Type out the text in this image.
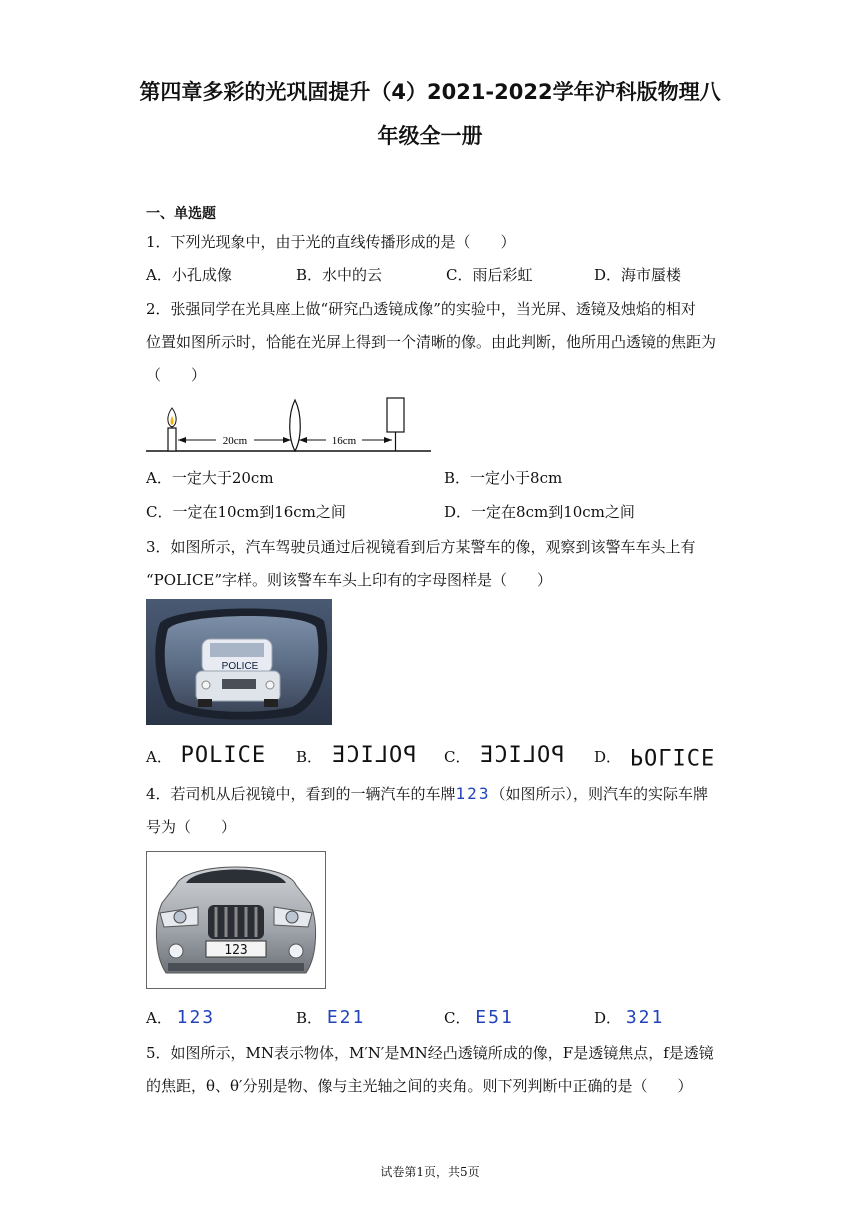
第四章多彩的光巩固提升（4）2021-2022学年沪科版物理八
年级全一册
一、单选题
1．下列光现象中，由于光的直线传播形成的是（　　）
A．小孔成像	B．水中的云	C．雨后彩虹	D．海市蜃楼
2．张强同学在光具座上做“研究凸透镜成像”的实验中，当光屏、透镜及烛焰的相对
位置如图所示时，恰能在光屏上得到一个清晰的像。由此判断，他所用凸透镜的焦距为
（　　）
20cm	16cm
A．一定大于20cm	B．一定小于8cm
C．一定在10cm到16cm之间	D．一定在8cm到10cm之间
3．如图所示，汽车驾驶员通过后视镜看到后方某警车的像，观察到该警车车头上有
“POLICE”字样。则该警车车头上印有的字母图样是（　　）
POLICE
A． POLICE B． POLICE C． POLICE D． POLICE
4．若司机从后视镜中，看到的一辆汽车的车牌123（如图所示），则汽车的实际车牌
号为（　　）
123
A． 123	B． E21	C． E51	D． 321
5．如图所示，MN表示物体，M′N′是MN经凸透镜所成的像，F是透镜焦点，f是透镜
的焦距，θ、θ′分别是物、像与主光轴之间的夹角。则下列判断中正确的是（　　）
试卷第1页，共5页
